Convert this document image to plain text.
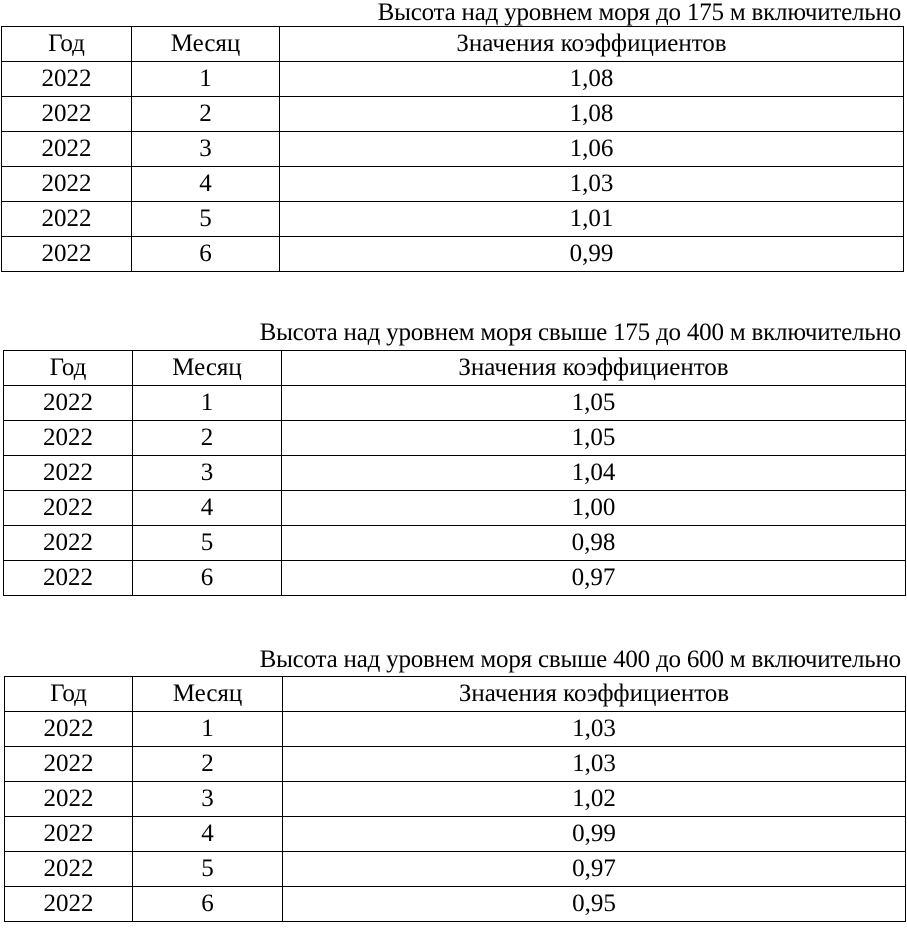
Высота над уровнем моря до 175 м включительно
Год	Месяц	Значения коэффициентов
2022	1	1,08
2022	2	1,08
2022	3	1,06
2022	4	1,03
2022	5	1,01
2022	6	0,99
Высота над уровнем моря свыше 175 до 400 м включительно
Год	Месяц	Значения коэффициентов
2022	1	1,05
2022	2	1,05
2022	3	1,04
2022	4	1,00
2022	5	0,98
2022	6	0,97
Высота над уровнем моря свыше 400 до 600 м включительно
Год	Месяц	Значения коэффициентов
2022	1	1,03
2022	2	1,03
2022	3	1,02
2022	4	0,99
2022	5	0,97
2022	6	0,95
